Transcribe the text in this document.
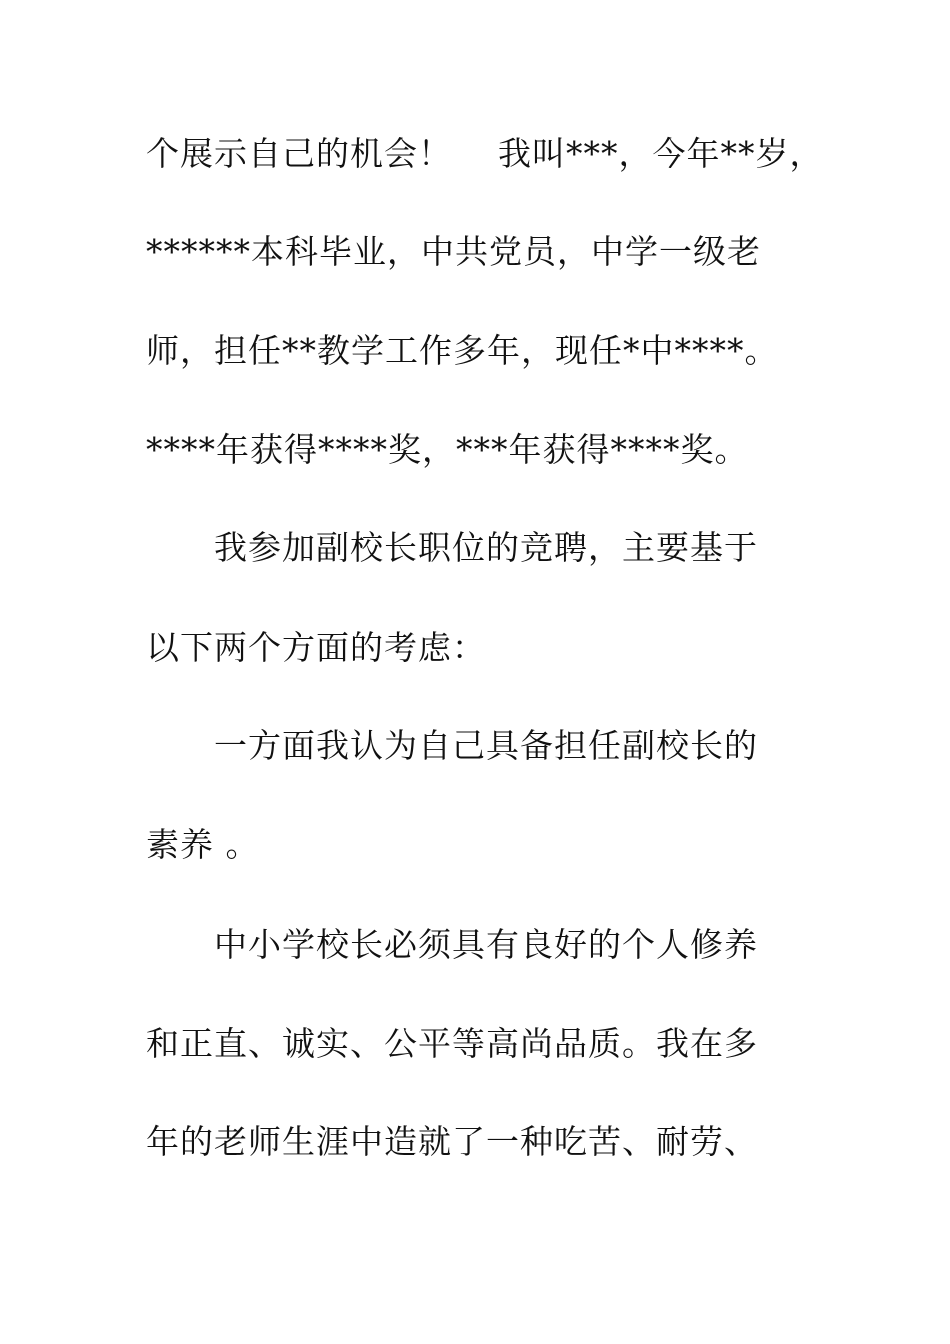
个展示自己的机会！    我叫***，今年**岁，
******本科毕业，中共党员，中学一级老
师，担任**教学工作多年，现任*中****。
****年获得****奖，***年获得****奖。
我参加副校长职位的竞聘，主要基于
以下两个方面的考虑：
一方面我认为自己具备担任副校长的
素养 。
中小学校长必须具有良好的个人修养
和正直、诚实、公平等高尚品质。我在多
年的老师生涯中造就了一种吃苦、耐劳、
